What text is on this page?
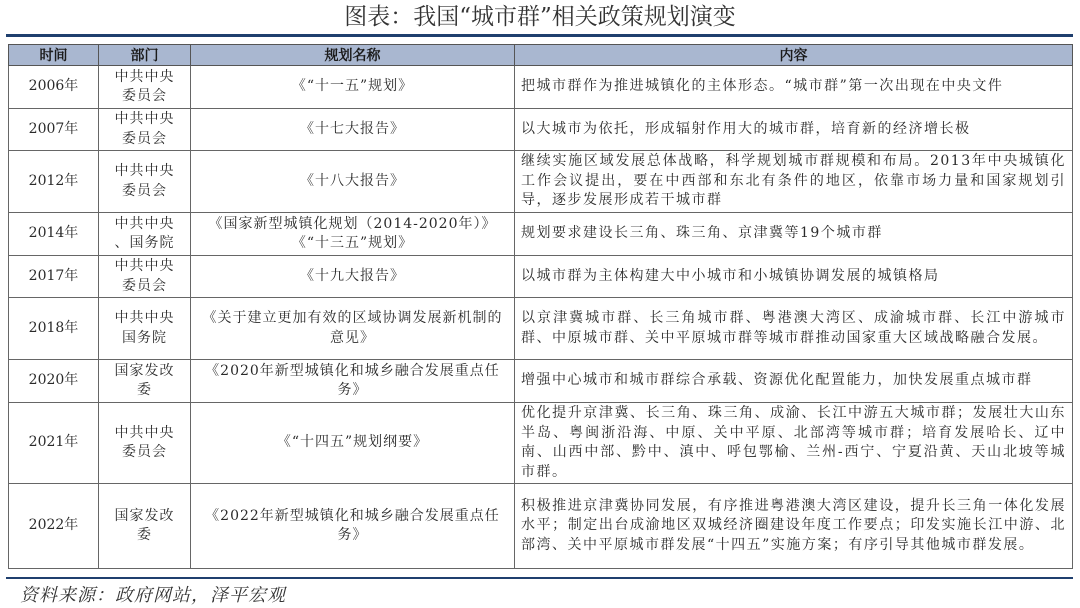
图表：我国“城市群”相关政策规划演变
时间	部门	规划名称	内容
2006年	中共中央
委员会	《“十一五”规划》	把城市群作为推进城镇化的主体形态。“城市群”第一次出现在中央文件
2007年	中共中央
委员会	《十七大报告》	以大城市为依托，形成辐射作用大的城市群，培育新的经济增长极
2012年	中共中央
委员会	《十八大报告》	继续实施区域发展总体战略，科学规划城市群规模和布局。2013年中央城镇化工作会议提出，要在中西部和东北有条件的地区，依靠市场力量和国家规划引导，逐步发展形成若干城市群
2014年	中共中央
、国务院	《国家新型城镇化规划（2014-2020年）》
《“十三五”规划》	规划要求建设长三角、珠三角、京津冀等19个城市群
2017年	中共中央
委员会	《十九大报告》	以城市群为主体构建大中小城市和小城镇协调发展的城镇格局
2018年	中共中央
国务院	《关于建立更加有效的区域协调发展新机制的意见》	以京津冀城市群、长三角城市群、粤港澳大湾区、成渝城市群、长江中游城市群、中原城市群、关中平原城市群等城市群推动国家重大区域战略融合发展。
2020年	国家发改
委	《2020年新型城镇化和城乡融合发展重点任务》	增强中心城市和城市群综合承载、资源优化配置能力，加快发展重点城市群
2021年	中共中央
委员会	《“十四五”规划纲要》	优化提升京津冀、长三角、珠三角、成渝、长江中游五大城市群；发展壮大山东半岛、粤闽浙沿海、中原、关中平原、北部湾等城市群；培育发展哈长、辽中南、山西中部、黔中、滇中、呼包鄂榆、兰州-西宁、宁夏沿黄、天山北坡等城市群。
2022年	国家发改
委	《2022年新型城镇化和城乡融合发展重点任务》	积极推进京津冀协同发展，有序推进粤港澳大湾区建设，提升长三角一体化发展水平；制定出台成渝地区双城经济圈建设年度工作要点；印发实施长江中游、北部湾、关中平原城市群发展“十四五”实施方案；有序引导其他城市群发展。
资料来源：政府网站，泽平宏观
